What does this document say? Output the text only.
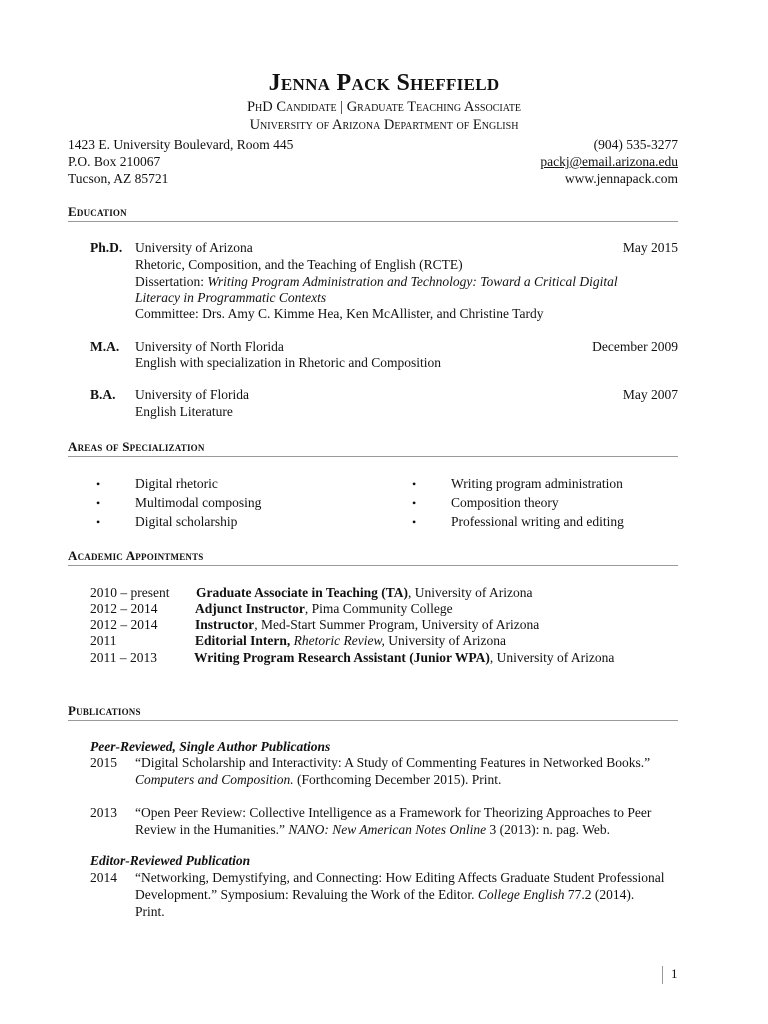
Jenna Pack Sheffield
PhD Candidate | Graduate Teaching Associate
University of Arizona Department of English
1423 E. University Boulevard, Room 445
P.O. Box 210067
Tucson, AZ 85721
(904) 535-3277
packj@email.arizona.edu
www.jennapack.com
Education
Ph.D. University of Arizona	May 2015
Rhetoric, Composition, and the Teaching of English (RCTE)
Dissertation: Writing Program Administration and Technology: Toward a Critical Digital
Literacy in Programmatic Contexts
Committee: Drs. Amy C. Kimme Hea, Ken McAllister, and Christine Tardy
M.A. University of North Florida	December 2009
English with specialization in Rhetoric and Composition
B.A. University of Florida	May 2007
English Literature
Areas of Specialization
•	Digital rhetoric
•	Multimodal composing
•	Digital scholarship
•	Writing program administration
•	Composition theory
•	Professional writing and editing
Academic Appointments
2010 – present Graduate Associate in Teaching (TA), University of Arizona
2012 – 2014	Adjunct Instructor, Pima Community College
2012 – 2014	Instructor, Med-Start Summer Program, University of Arizona
2011	Editorial Intern, Rhetoric Review, University of Arizona
2011 – 2013	Writing Program Research Assistant (Junior WPA), University of Arizona
Publications
Peer-Reviewed, Single Author Publications
2015 “Digital Scholarship and Interactivity: A Study of Commenting Features in Networked Books.”
Computers and Composition. (Forthcoming December 2015). Print.
2013 “Open Peer Review: Collective Intelligence as a Framework for Theorizing Approaches to Peer
Review in the Humanities.” NANO: New American Notes Online 3 (2013): n. pag. Web.
Editor-Reviewed Publication
2014 “Networking, Demystifying, and Connecting: How Editing Affects Graduate Student Professional
Development.” Symposium: Revaluing the Work of the Editor. College English 77.2 (2014).
Print.
1
